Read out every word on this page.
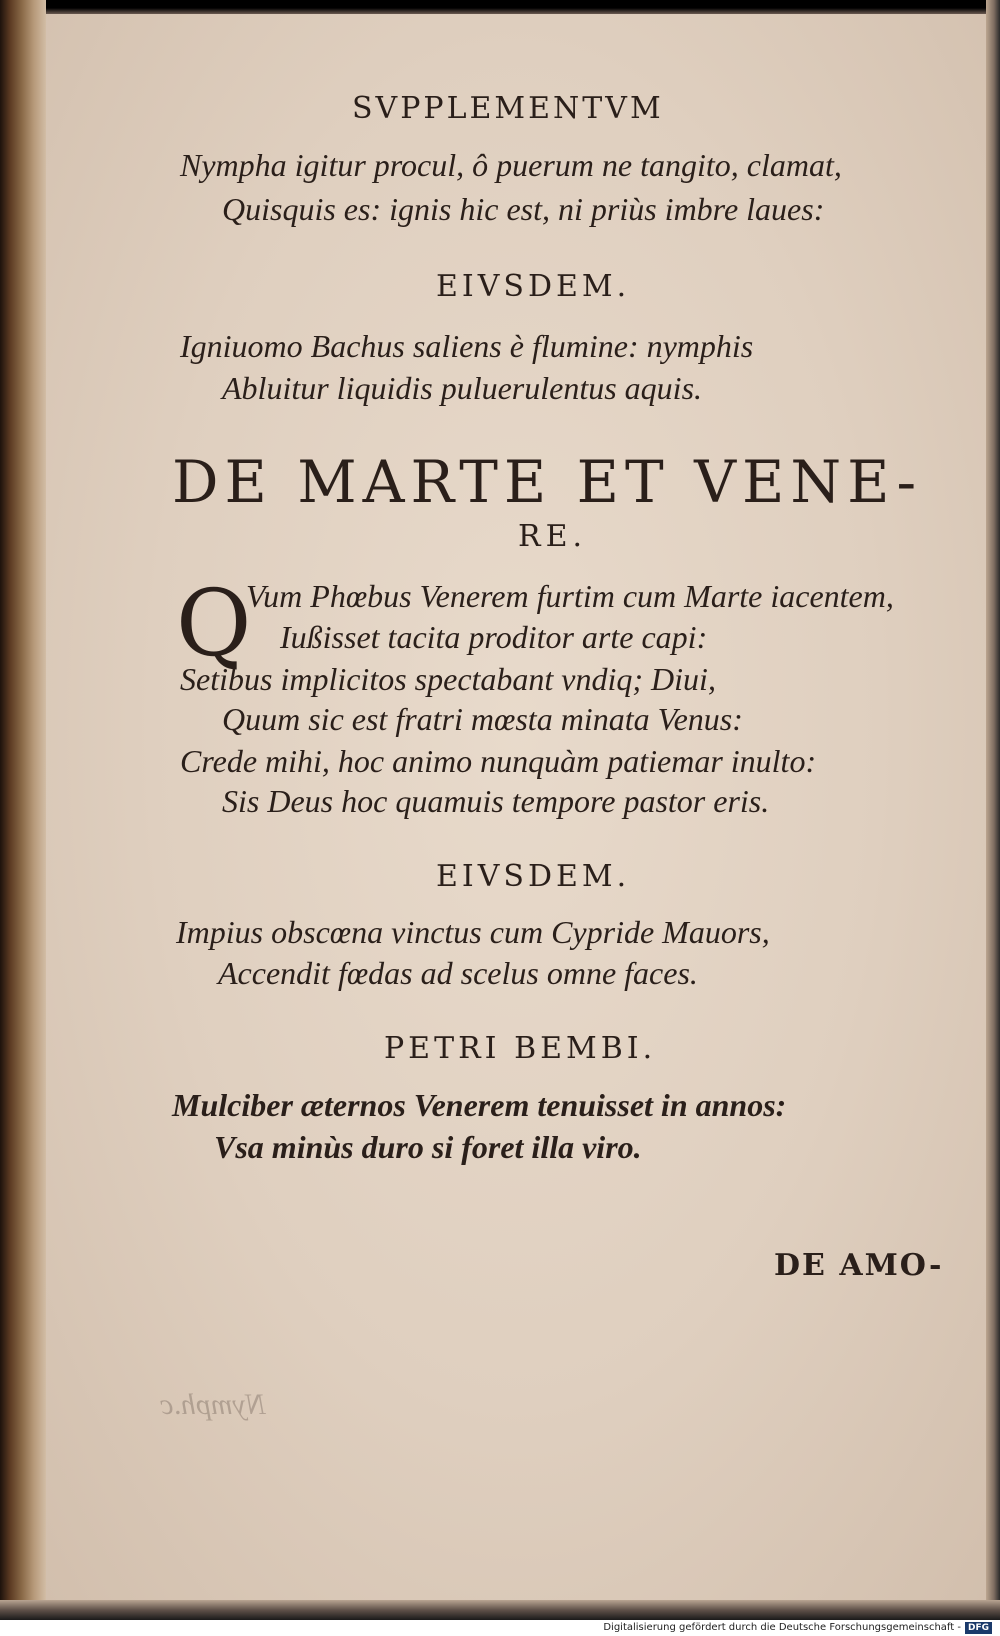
SVPPLEMENTVM
Nympha igitur procul, ô puerum ne tangito, clamat,
Quisquis es: ignis hic est, ni priùs imbre laues:
EIVSDEM.
Igniuomo Bachus saliens è flumine: nymphis
Abluitur liquidis puluerulentus aquis.
DE MARTE ET VENE-
RE.
Q
Vum Phœbus Venerem furtim cum Marte iacentem,
Iußisset tacita proditor arte capi:
Setibus implicitos spectabant vndiq; Diui,
Quum sic est fratri mœsta minata Venus:
Crede mihi, hoc animo nunquàm patiemar inulto:
Sis Deus hoc quamuis tempore pastor eris.
EIVSDEM.
Impius obscœna vinctus cum Cypride Mauors,
Accendit fœdas ad scelus omne faces.
PETRI BEMBI.
Mulciber æternos Venerem tenuisset in annos:
Vsa minùs duro si foret illa viro.
DE AMO-
Nymph.c
Digitalisierung gefördert durch die Deutsche Forschungsgemeinschaft - DFG
